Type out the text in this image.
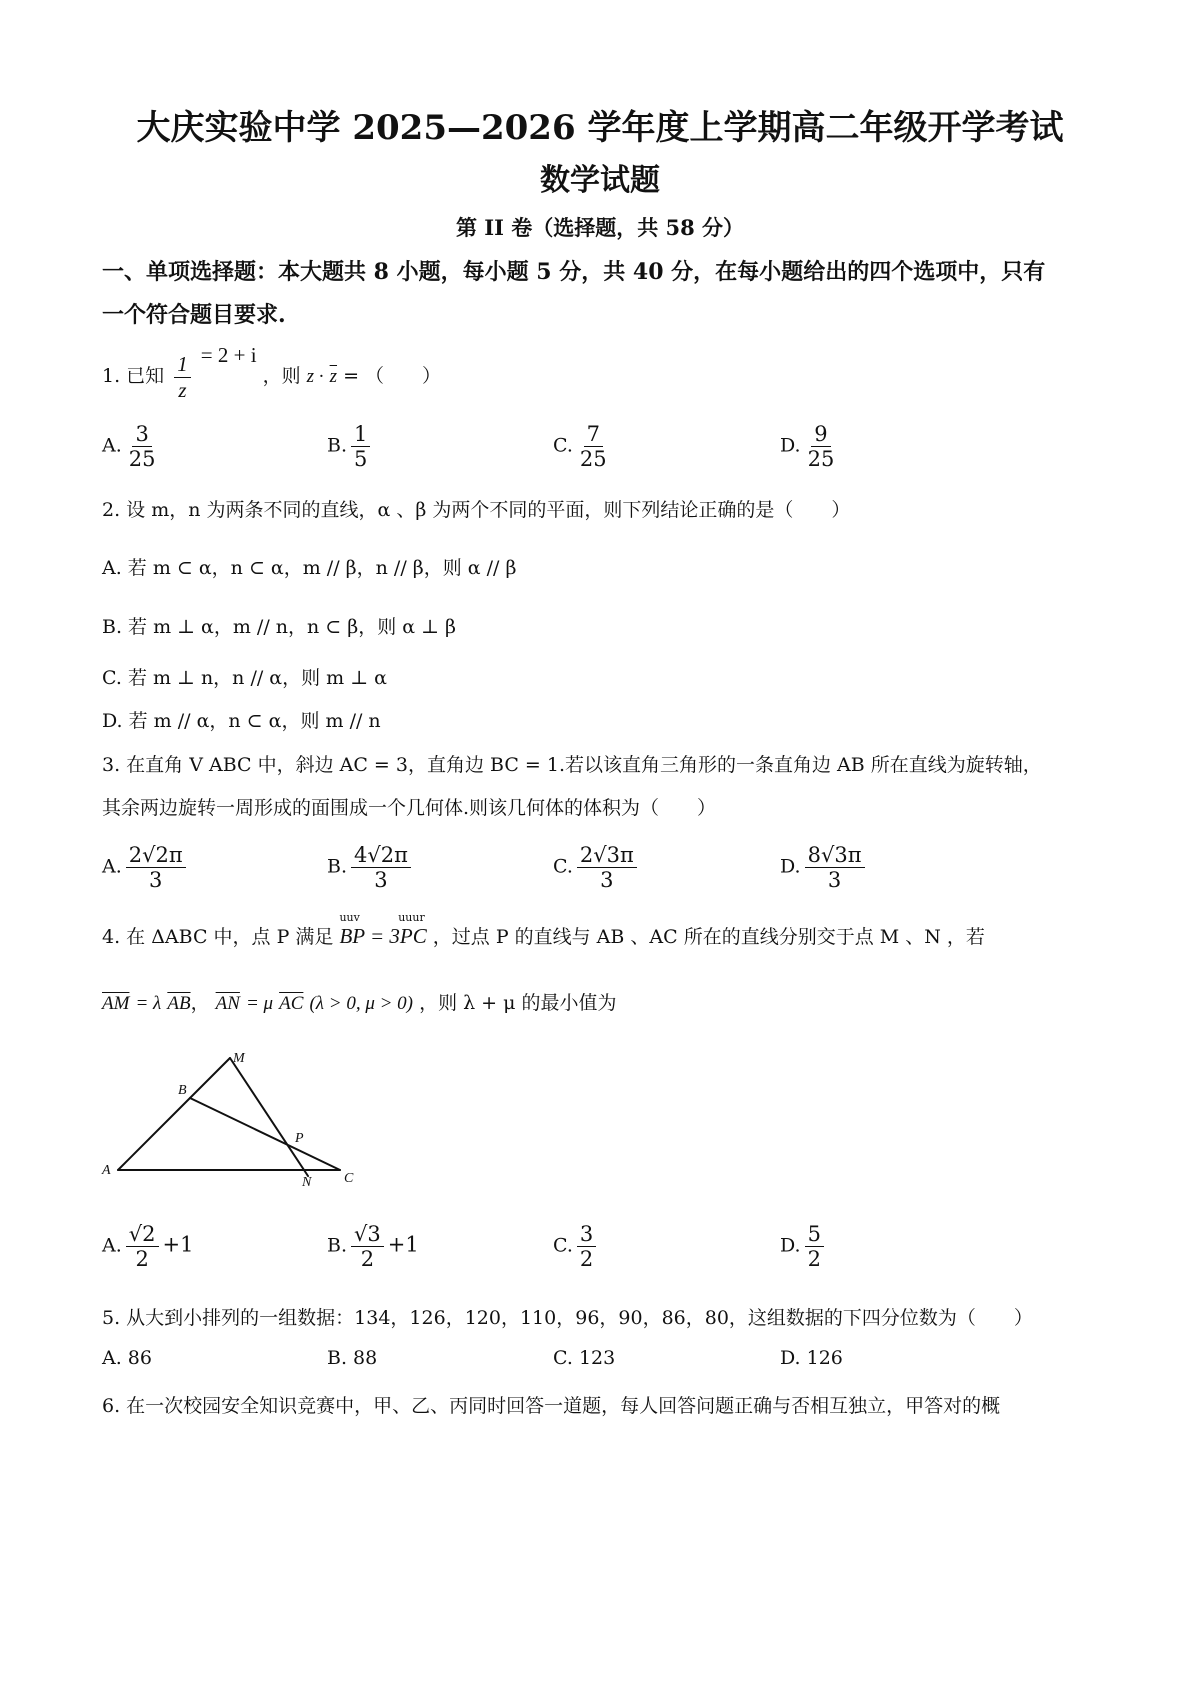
大庆实验中学 2025—2026 学年度上学期高二年级开学考试
数学试题
第 II 卷（选择题，共 58 分）
一、单项选择题：本大题共 8 小题，每小题 5 分，共 40 分，在每小题给出的四个选项中，只有
一个符合题目要求.
1. 已知 $\frac{1}{z} = 2 + i$ ，则 $z \cdot \overline{z}$ = （　　）
A. $\frac{3}{25}$	B. $\frac{1}{5}$	C. $\frac{7}{25}$	D. $\frac{9}{25}$
2. 设 m，n 为两条不同的直线，α 、β 为两个不同的平面，则下列结论正确的是（　　）
A. 若 m ⊂ α，n ⊂ α，m // β，n // β，则 α // β
B. 若 m ⊥ α，m // n，n ⊂ β，则 α ⊥ β
C. 若 m ⊥ n，n // α，则 m ⊥ α
D. 若 m // α，n ⊂ α，则 m // n
3. 在直角 V ABC 中，斜边 AC = 3，直角边 BC = 1.若以该直角三角形的一条直角边 AB 所在直线为旋转轴，
其余两边旋转一周形成的面围成一个几何体.则该几何体的体积为（　　）
A. $\frac{2√2\pi}{3}$	B. $\frac{4√2\pi}{3}$	C. $\frac{2√3\pi}{3}$	D. $\frac{8√3\pi}{3}$
4. 在 ΔABC 中，点 P 满足
uuv	uuur
BP = 3PC ，过点 P 的直线与 AB 、AC 所在的直线分别交于点 M 、N ，若
$\overline{AM} = \lambda$ $\overline{AB}$， $\overline{AN} = \mu$ $\overline{AC}$ (λ > 0, μ > 0) ，则 λ + μ 的最小值为
A
B
C
M
N
P
A. $\frac{√2}{2} +1$	B. $\frac{√3}{2} +1$	C. $\frac{3}{2}$	D. $\frac{5}{2}$
5. 从大到小排列的一组数据：134，126，120，110，96，90，86，80，这组数据的下四分位数为（　　）
A. 86	B. 88	C. 123	D. 126
6. 在一次校园安全知识竞赛中，甲、乙、丙同时回答一道题，每人回答问题正确与否相互独立，甲答对的概
